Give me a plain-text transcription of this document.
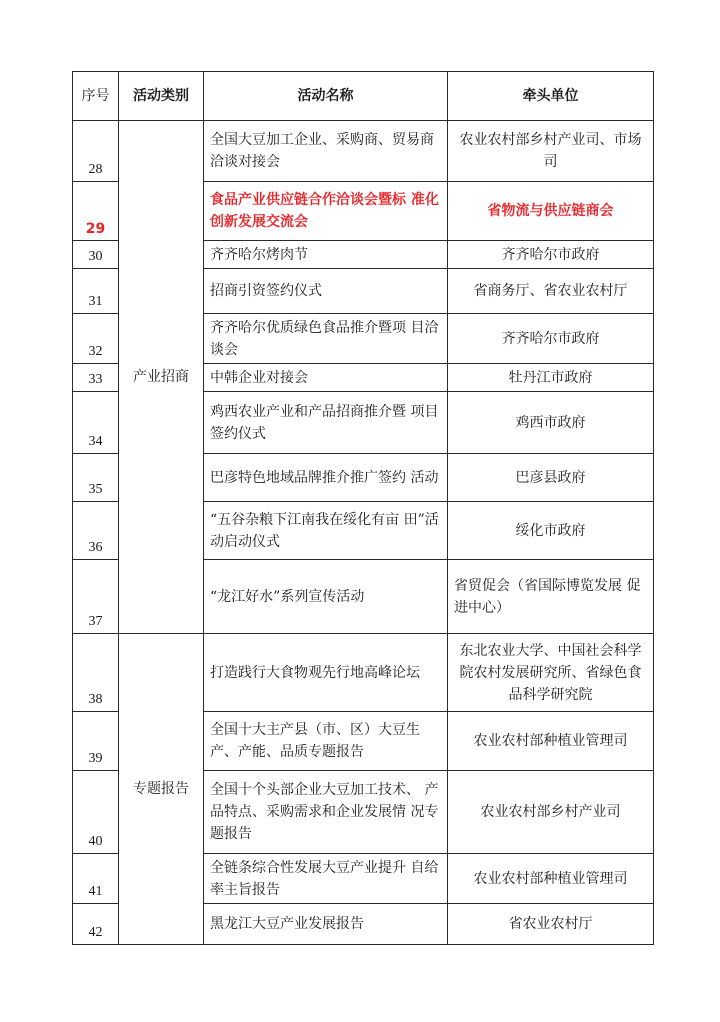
序号	活动类别	活动名称	牵头单位
28	产业招商	全国大豆加工企业、采购商、贸易商洽谈对接会	农业农村部乡村产业司、市场司
29		食品产业供应链合作洽谈会暨标 准化创新发展交流会	省物流与供应链商会
30		齐齐哈尔烤肉节	齐齐哈尔市政府
31		招商引资签约仪式	省商务厅、省农业农村厅
32		齐齐哈尔优质绿色食品推介暨项 目洽谈会	齐齐哈尔市政府
33		中韩企业对接会	牡丹江市政府
34		鸡西农业产业和产品招商推介暨 项目签约仪式	鸡西市政府
35		巴彦特色地域品牌推介推广签约 活动	巴彦县政府
36		“五谷杂粮下江南我在绥化有亩 田”活动启动仪式	绥化市政府
37		“龙江好水”系列宣传活动	省贸促会（省国际博览发展 促进中心）
38	专题报告	打造践行大食物观先行地高峰论坛	东北农业大学、中国社会科学院农村发展研究所、省绿色食品科学研究院
39		全国十大主产县（市、区）大豆生产、产能、品质专题报告	农业农村部种植业管理司
40		全国十个头部企业大豆加工技术、 产品特点、采购需求和企业发展情 况专题报告	农业农村部乡村产业司
41		全链条综合性发展大豆产业提升 自给率主旨报告	农业农村部种植业管理司
42		黑龙江大豆产业发展报告	省农业农村厅
